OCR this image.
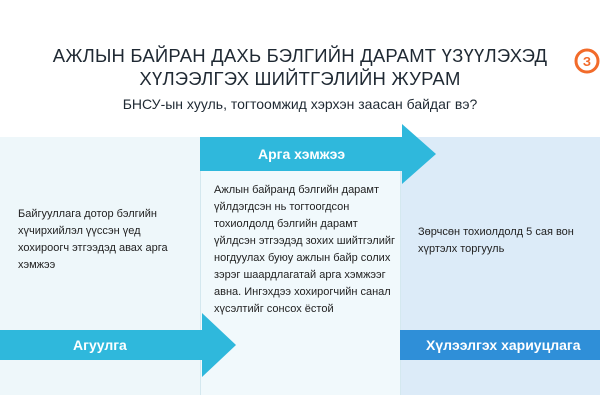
АЖЛЫН БАЙРАН ДАХЬ БЭЛГИЙН ДАРАМТ ҮЗҮҮЛЭХЭД
ХҮЛЭЭЛГЭХ ШИЙТГЭЛИЙН ЖУРАМ
БНСУ-ын хууль, тогтоомжид хэрхэн заасан байдаг вэ?
З
Арга хэмжээ
Агуулга	Хүлээлгэх хариуцлага
Байгууллага дотор бэлгийн хүчирхийлэл үүссэн үед хохироогч этгээдэд авах арга хэмжээ
Ажлын байранд бэлгийн дарамт үйлдэгдсэн нь тогтоогдсон тохиолдолд бэлгийн дарамт үйлдсэн этгээдэд зохих шийтгэлийг ногдуулах буюу ажлын байр солих зэрэг шаардлагатай арга хэмжээг авна. Ингэхдээ хохирогчийн санал хүсэлтийг сонсох ёстой
Зөрчсөн тохиолдолд 5 сая вон хүртэлх торгууль
